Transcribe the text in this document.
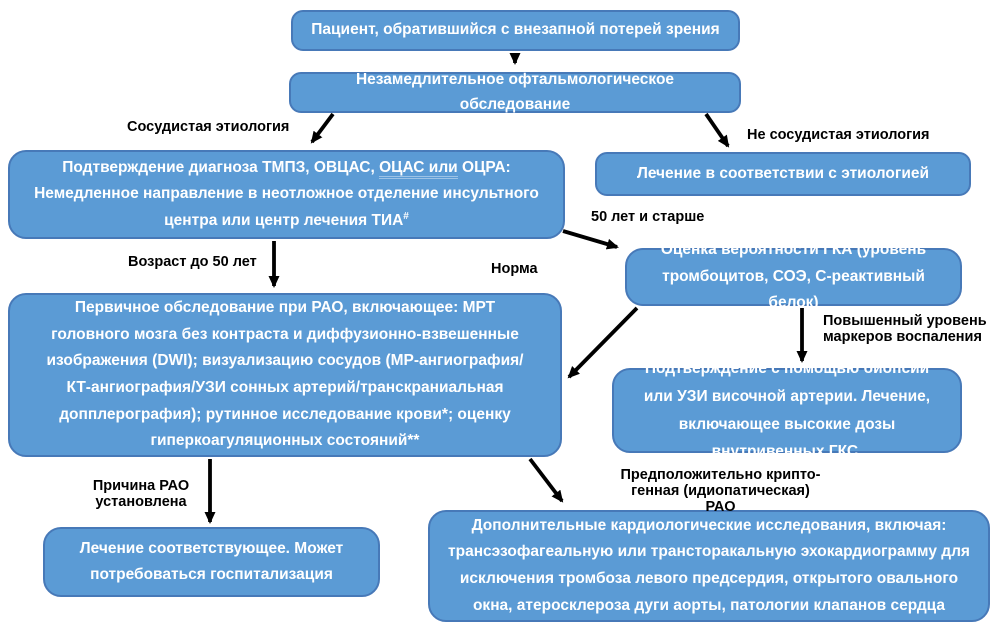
Пациент, обратившийся с внезапной потерей зрения
Незамедлительное офтальмологическое обследование
Подтверждение диагноза ТМПЗ, ОВЦАС, ОЦАС или ОЦРА:
Немедленное направление в неотложное отделение инсультного центра или центр лечения ТИА#
Лечение в соответствии с этиологией
Оценка вероятности ГКА (уровень тромбоцитов, СОЭ, С-реактивный белок)
Первичное обследование при РАО, включающее: МРТ головного мозга без контраста и диффузионно-взвешенные изображения (DWI); визуализацию сосудов (МР-ангиография/КТ-ангиография/УЗИ сонных артерий/транскраниальная допплерография); рутинное исследование крови*; оценку гиперкоагуляционных состояний**
Подтверждение с помощью биопсии или УЗИ височной артерии. Лечение, включающее высокие дозы внутривенных ГКС.
Лечение соответствующее. Может потребоваться госпитализация
Дополнительные кардиологические исследования, включая: трансэзофагеальную или трансторакальную эхокардиограмму для исключения тромбоза левого предсердия, открытого овального окна, атеросклероза дуги аорты, патологии клапанов сердца
Сосудистая этиология	Не сосудистая этиология
50 лет и старше
Возраст до 50 лет	Норма
Повышенный уровень маркеров воспаления
Причина РАО установлена
Предположительно крипто-генная (идиопатическая) РАО
